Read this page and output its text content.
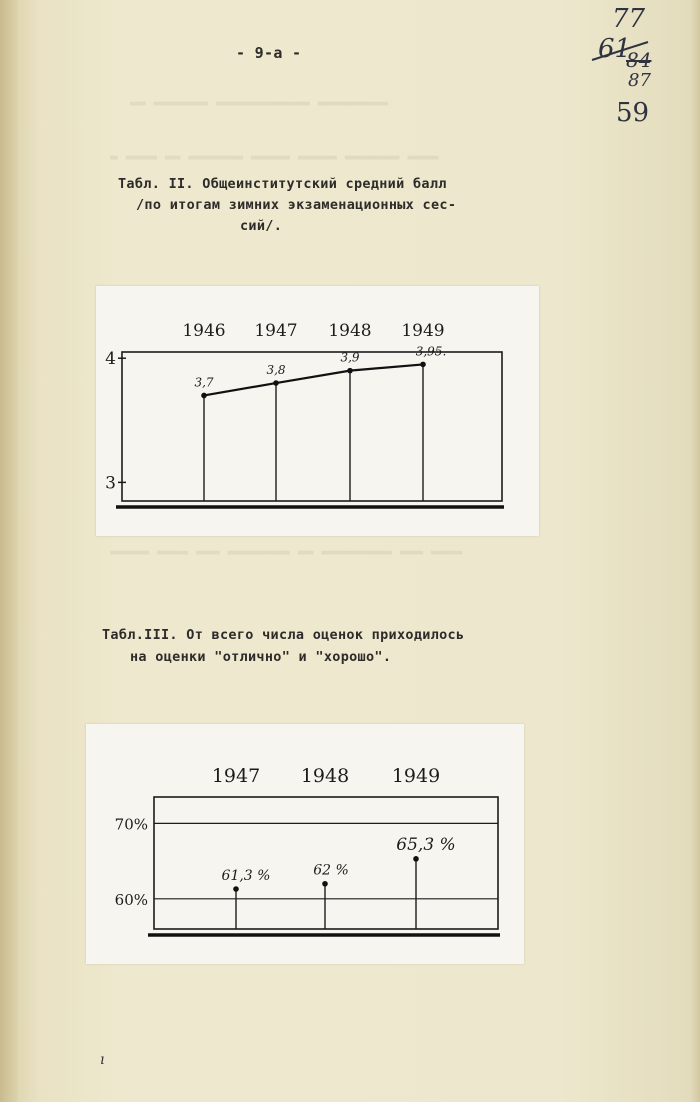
▬▬ ▬▬▬▬▬▬▬ ▬▬▬▬▬▬▬▬▬▬▬▬ ▬▬▬▬▬▬▬▬▬
▬ ▬▬▬▬ ▬▬ ▬▬▬▬▬▬▬ ▬▬▬▬▬ ▬▬▬▬▬ ▬▬▬▬▬▬▬ ▬▬▬▬
▬▬▬▬▬ ▬▬▬▬ ▬▬▬ ▬▬▬▬▬▬▬▬ ▬▬ ▬▬▬▬▬▬▬▬▬ ▬▬▬ ▬▬▬▬
- 9-а -
77
61
84
87
59
Табл. II. Общеинститутский средний балл
/по итогам зимних экзаменационных сес-
сий/.
4
3
1946
3,7
1947
3,8
1948
3,9
1949
3,95.
Табл.III. От всего числа оценок приходилось
на оценки "отлично" и "хорошо".
70%
60%
1947
61,3 %
1948
62 %
1949
65,3 %
ı
